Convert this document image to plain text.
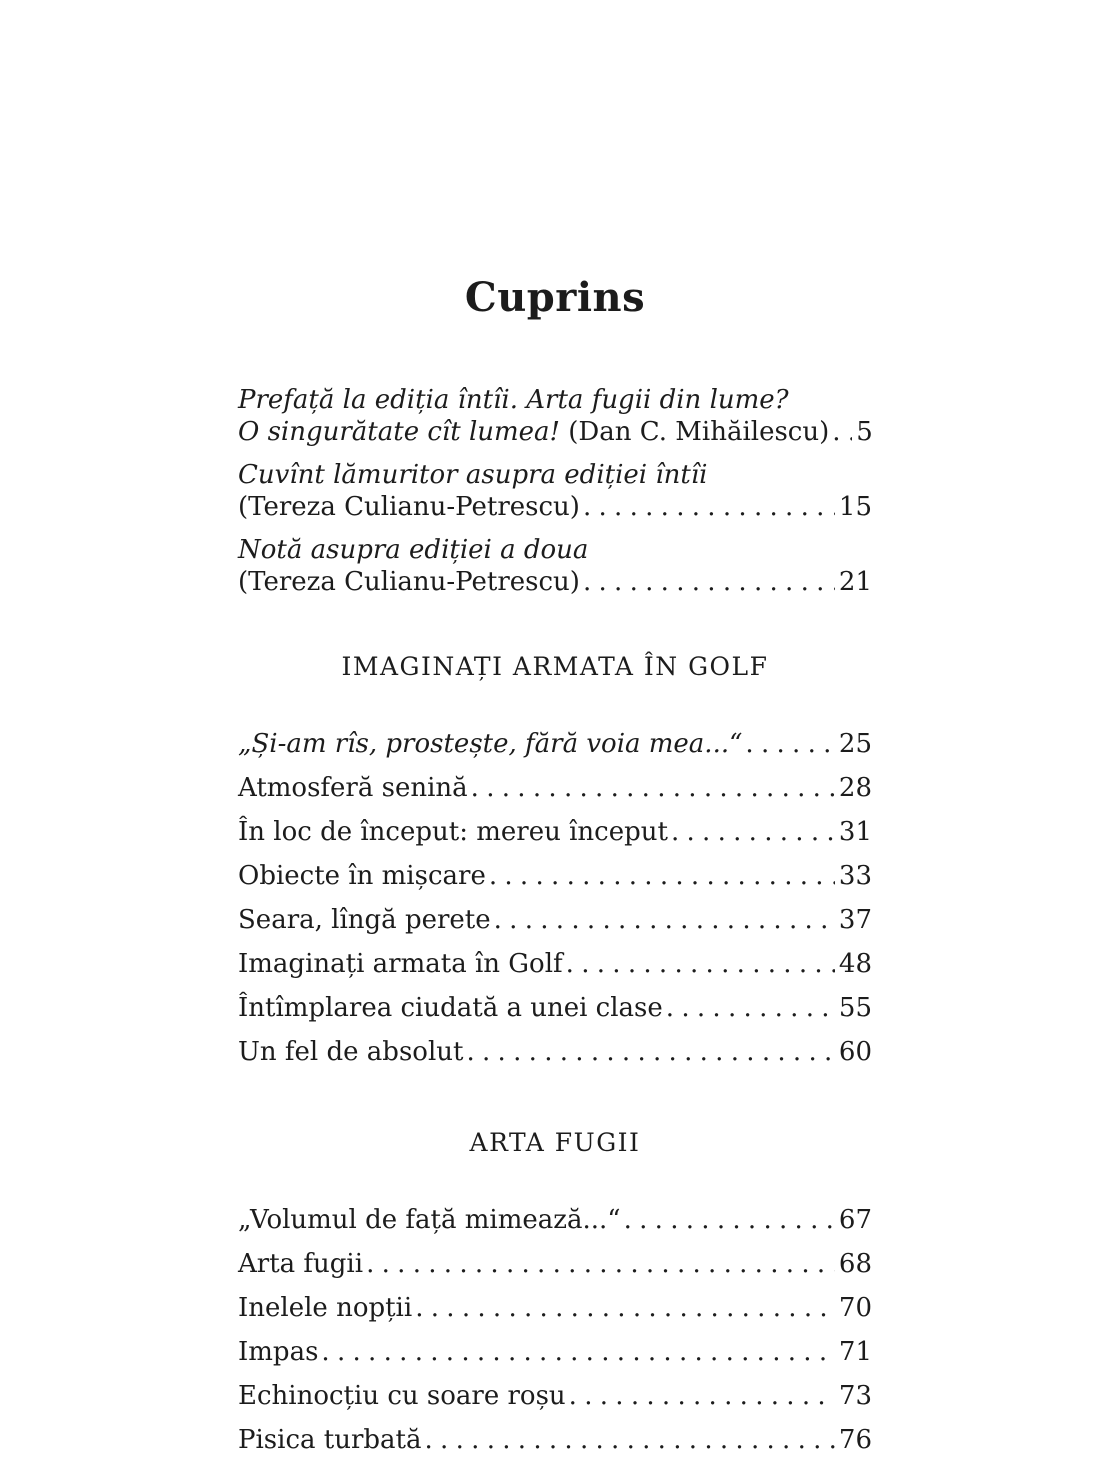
Cuprins
Prefață la ediția întîi. Arta fugii din lume?
O singurătate cît lumea! (Dan C. Mihăilescu) ..... 5
Cuvînt lămuritor asupra ediției întîi
(Tereza Culianu-Petrescu) .....	15
Notă asupra ediției a doua
(Tereza Culianu-Petrescu) .....	21
IMAGINAȚI ARMATA ÎN GOLF
„Și-am rîs, prostește, fără voia mea...“ .....	25
Atmosferă senină .....	28
În loc de început: mereu început .....	31
Obiecte în mișcare .....	33
Seara, lîngă perete .....	37
Imaginați armata în Golf .....	48
Întîmplarea ciudată a unei clase .....	55
Un fel de absolut .....	60
ARTA FUGII
„Volumul de față mimează...“ .....	67
Arta fugii .....	68
Inelele nopții .....	70
Impas .....	71
Echinocțiu cu soare roșu .....	73
Pisica turbată .....	76
